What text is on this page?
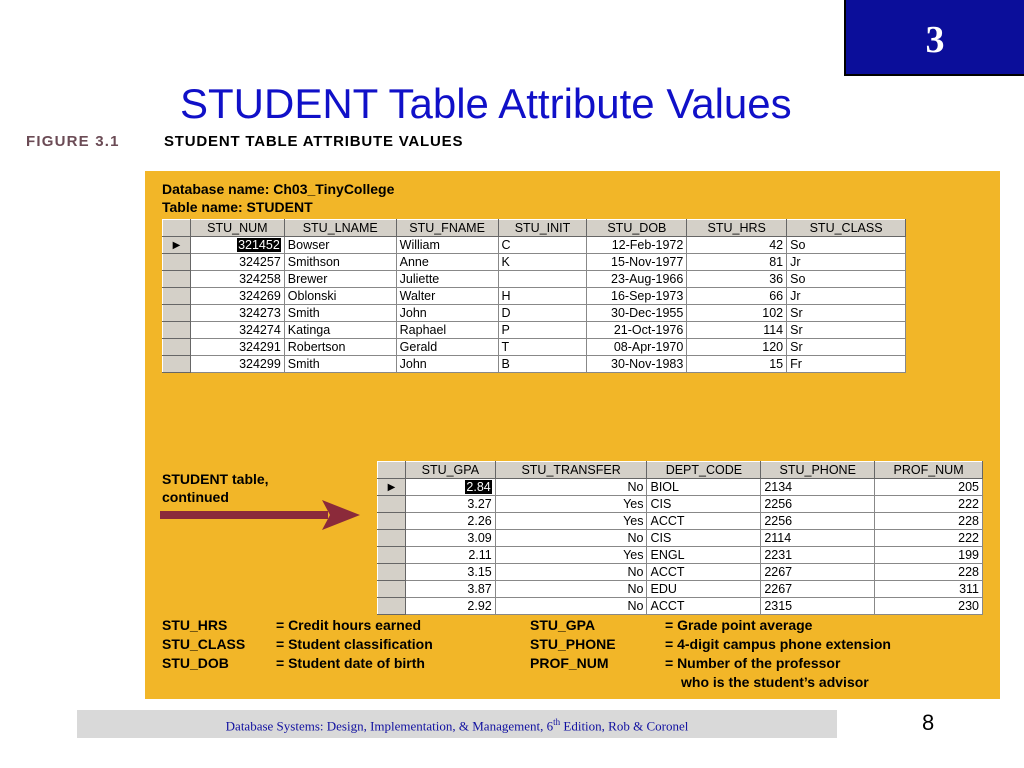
3
STUDENT Table Attribute Values
FIGURE 3.1	STUDENT TABLE ATTRIBUTE VALUES
Database name: Ch03_TinyCollege
Table name: STUDENT
	STU_NUM	STU_LNAME	STU_FNAME	STU_INIT	STU_DOB	STU_HRS	STU_CLASS
▶	321452	Bowser	William	C	12-Feb-1972	42	So
	324257	Smithson	Anne	K	15-Nov-1977	81	Jr
	324258	Brewer	Juliette		23-Aug-1966	36	So
	324269	Oblonski	Walter	H	16-Sep-1973	66	Jr
	324273	Smith	John	D	30-Dec-1955	102	Sr
	324274	Katinga	Raphael	P	21-Oct-1976	114	Sr
	324291	Robertson	Gerald	T	08-Apr-1970	120	Sr
	324299	Smith	John	B	30-Nov-1983	15	Fr
STUDENT table,
continued
	STU_GPA	STU_TRANSFER	DEPT_CODE	STU_PHONE	PROF_NUM
▶	2.84	No	BIOL	2134	205
	3.27	Yes	CIS	2256	222
	2.26	Yes	ACCT	2256	228
	3.09	No	CIS	2114	222
	2.11	Yes	ENGL	2231	199
	3.15	No	ACCT	2267	228
	3.87	No	EDU	2267	311
	2.92	No	ACCT	2315	230
STU_HRS	= Credit hours earned
STU_CLASS = Student classification
STU_DOB	= Student date of birth
STU_GPA	= Grade point average
STU_PHONE	= 4-digit campus phone extension
PROF_NUM	= Number of the professor
who is the student’s advisor
Database Systems: Design, Implementation, & Management, 6th Edition, Rob & Coronel	8
